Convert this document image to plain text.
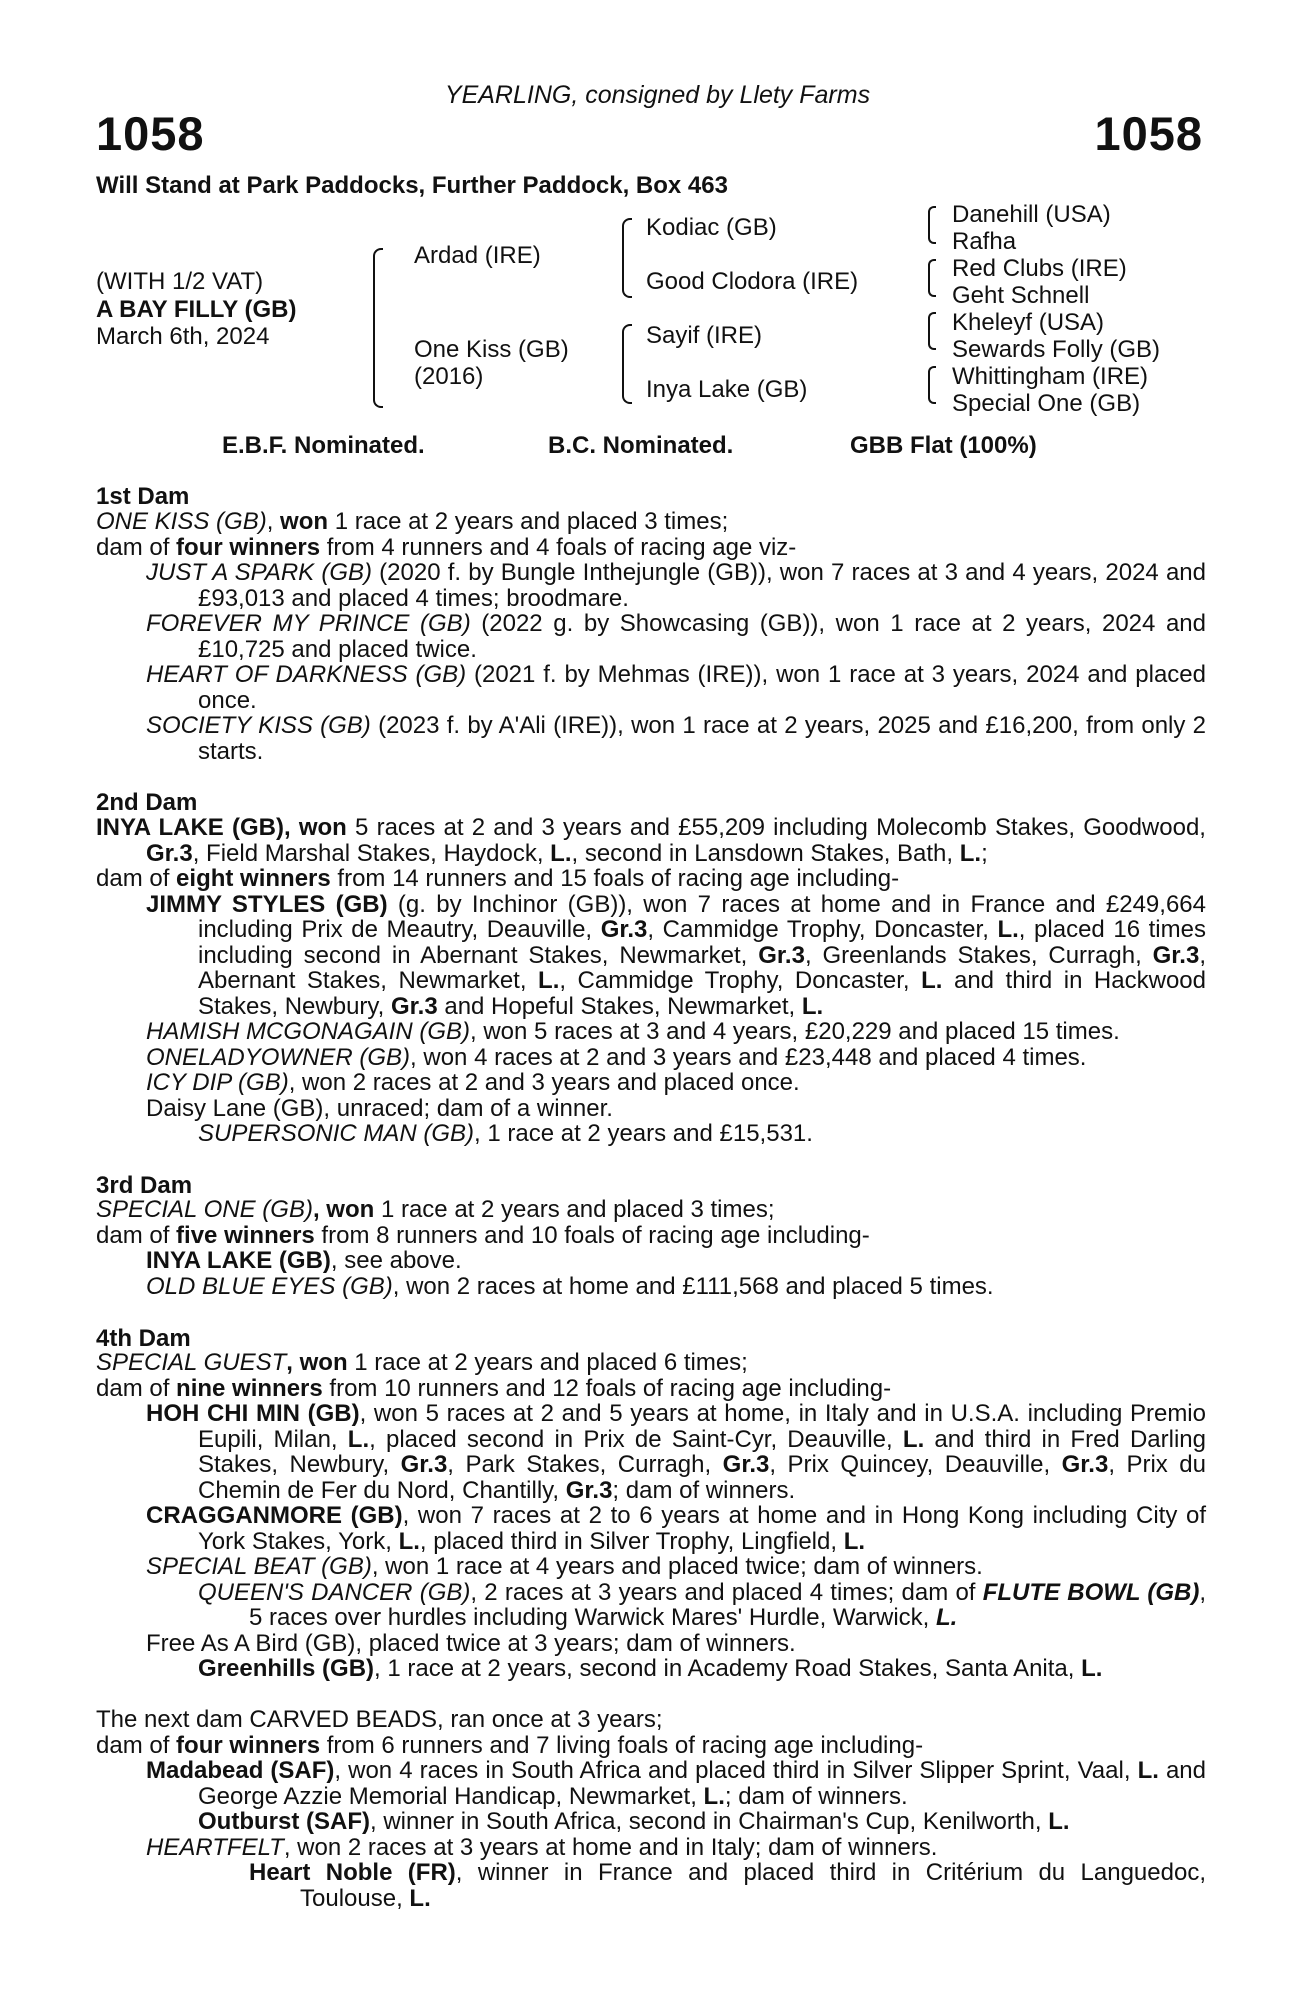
YEARLING, consigned by Llety Farms
1058	1058
Will Stand at Park Paddocks, Further Paddock, Box 463
(WITH 1/2 VAT)
A BAY FILLY (GB)
March 6th, 2024
Ardad (IRE)
One Kiss (GB)
(2016)
Kodiac (GB)
Good Clodora (IRE)
Sayif (IRE)
Inya Lake (GB)
Danehill (USA)
Rafha
Red Clubs (IRE)
Geht Schnell
Kheleyf (USA)
Sewards Folly (GB)
Whittingham (IRE)
Special One (GB)
E.B.F. Nominated.	B.C. Nominated.	GBB Flat (100%)
1st Dam

ONE KISS (GB), won 1 race at 2 years and placed 3 times;

dam of four winners from 4 runners and 4 foals of racing age viz-

JUST A SPARK (GB) (2020 f. by Bungle Inthejungle (GB)), won 7 races at 3 and 4 years, 2024 and £93,013 and placed 4 times; broodmare.

FOREVER MY PRINCE (GB) (2022 g. by Showcasing (GB)), won 1 race at 2 years, 2024 and £10,725 and placed twice.

HEART OF DARKNESS (GB) (2021 f. by Mehmas (IRE)), won 1 race at 3 years, 2024 and placed once.

SOCIETY KISS (GB) (2023 f. by A'Ali (IRE)), won 1 race at 2 years, 2025 and £16,200, from only 2 starts.

2nd Dam

INYA LAKE (GB), won 5 races at 2 and 3 years and £55,209 including Molecomb Stakes, Goodwood, Gr.3, Field Marshal Stakes, Haydock, L., second in Lansdown Stakes, Bath, L.;

dam of eight winners from 14 runners and 15 foals of racing age including-

JIMMY STYLES (GB) (g. by Inchinor (GB)), won 7 races at home and in France and £249,664 including Prix de Meautry, Deauville, Gr.3, Cammidge Trophy, Doncaster, L., placed 16 times including second in Abernant Stakes, Newmarket, Gr.3, Greenlands Stakes, Curragh, Gr.3, Abernant Stakes, Newmarket, L., Cammidge Trophy, Doncaster, L. and third in Hackwood Stakes, Newbury, Gr.3 and Hopeful Stakes, Newmarket, L.

HAMISH MCGONAGAIN (GB), won 5 races at 3 and 4 years, £20,229 and placed 15 times.

ONELADYOWNER (GB), won 4 races at 2 and 3 years and £23,448 and placed 4 times.

ICY DIP (GB), won 2 races at 2 and 3 years and placed once.

Daisy Lane (GB), unraced; dam of a winner.

SUPERSONIC MAN (GB), 1 race at 2 years and £15,531.

3rd Dam

SPECIAL ONE (GB), won 1 race at 2 years and placed 3 times;

dam of five winners from 8 runners and 10 foals of racing age including-

INYA LAKE (GB), see above.

OLD BLUE EYES (GB), won 2 races at home and £111,568 and placed 5 times.

4th Dam

SPECIAL GUEST, won 1 race at 2 years and placed 6 times;

dam of nine winners from 10 runners and 12 foals of racing age including-

HOH CHI MIN (GB), won 5 races at 2 and 5 years at home, in Italy and in U.S.A. including Premio Eupili, Milan, L., placed second in Prix de Saint-Cyr, Deauville, L. and third in Fred Darling Stakes, Newbury, Gr.3, Park Stakes, Curragh, Gr.3, Prix Quincey, Deauville, Gr.3, Prix du Chemin de Fer du Nord, Chantilly, Gr.3; dam of winners.

CRAGGANMORE (GB), won 7 races at 2 to 6 years at home and in Hong Kong including City of York Stakes, York, L., placed third in Silver Trophy, Lingfield, L.

SPECIAL BEAT (GB), won 1 race at 4 years and placed twice; dam of winners.

QUEEN'S DANCER (GB), 2 races at 3 years and placed 4 times; dam of FLUTE BOWL (GB), 5 races over hurdles including Warwick Mares' Hurdle, Warwick, L.

Free As A Bird (GB), placed twice at 3 years; dam of winners.

Greenhills (GB), 1 race at 2 years, second in Academy Road Stakes, Santa Anita, L.

The next dam CARVED BEADS, ran once at 3 years;

dam of four winners from 6 runners and 7 living foals of racing age including-

Madabead (SAF), won 4 races in South Africa and placed third in Silver Slipper Sprint, Vaal, L. and George Azzie Memorial Handicap, Newmarket, L.; dam of winners.

Outburst (SAF), winner in South Africa, second in Chairman's Cup, Kenilworth, L.

HEARTFELT, won 2 races at 3 years at home and in Italy; dam of winners.

Heart Noble (FR), winner in France and placed third in Critérium du Languedoc, Toulouse, L.
